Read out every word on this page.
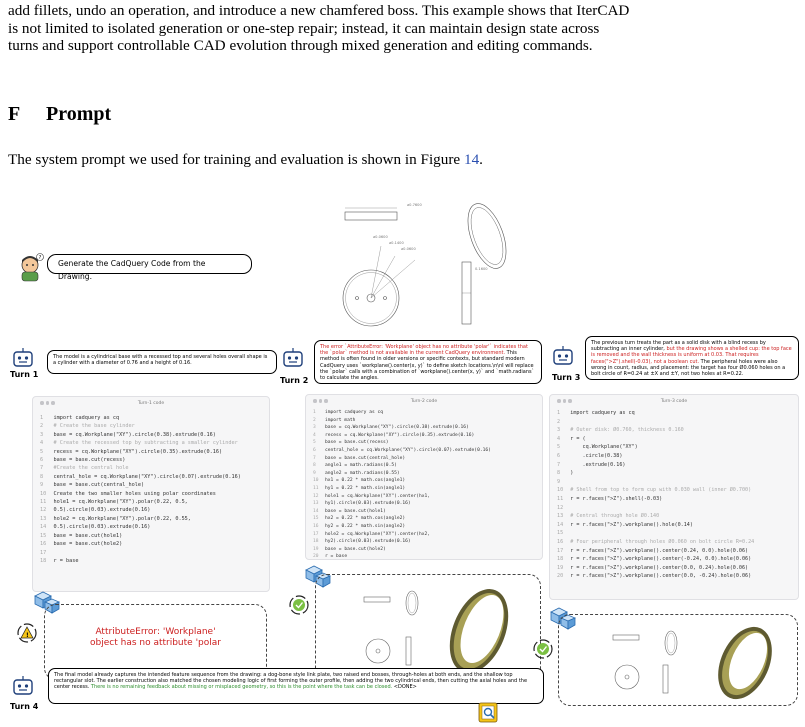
add fillets, undo an operation, and introduce a new chamfered boss. This example shows that IterCAD
is not limited to isolated generation or one-step repair; instead, it can maintain design state across
turns and support controllable CAD evolution through mixed generation and editing commands.
F Prompt
The system prompt we used for training and evaluation is shown in Figure 14.
?
Generate the CadQuery Code from the Drawing.
⌀0.7600
⌀0.1400
⌀0.0600
⌀0.0600
0.1600
Turn 1
The model is a cylindrical base with a recessed top and several holes overall shape is a cylinder with a diameter of 0.76 and a height of 0.16.
Turn 2
The error `AttributeError: 'Workplane' object has no attribute 'polar'` indicates that the `polar` method is not available in the current CadQuery environment. This method is often found in older versions or specific contexts, but standard modern CadQuery uses `workplane().center(x, y)` to define sketch locations.\n\nI will replace the `polar` calls with a combination of `workplane().center(x, y)` and `math.radians` to calculate the angles.	Turn 3
The previous turn treats the part as a solid disk with a blind recess by subtracting an inner cylinder, but the drawing shows a shelled cup: the top face is removed and the wall thickness is uniform at 0.03. That requires faces(">Z").shell(-0.03), not a boolean cut. The peripheral holes were also wrong in count, radius, and placement: the target has four Ø0.060 holes on a bolt circle of R=0.24 at ±X and ±Y, not two holes at R=0.22.
Turn-1 code
1 import cadquery as cq
2 # Create the base cylinder
3 base = cq.Workplane("XY").circle(0.38).extrude(0.16)
4 # Create the recessed top by subtracting a smaller cylinder
5 recess = cq.Workplane("XY").circle(0.35).extrude(0.16)
6 base = base.cut(recess)
7 #Create the central hole
8 central_hole = cq.Workplane("XY").circle(0.07).extrude(0.16)
9 base = base.cut(central_hole)
10 Create the two smaller holes using polar coordinates
11 hole1 = cq.Workplane("XY").polar(0.22, 0.5,
12 0.5).circle(0.03).extrude(0.16)
13 hole2 = cq.Workplane("XY").polar(0.22, 0.55,
14 0.5).circle(0.03).extrude(0.16)
15 base = base.cut(hole1)
16 base = base.cut(hole2)
17
18 r = base
Turn-2 code
1 import cadquery as cq
2 import math
3 base = cq.Workplane("XY").circle(0.38).extrude(0.16)
4 recess = cq.Workplane("XY").circle(0.35).extrude(0.16)
5 base = base.cut(recess)
6 central_hole = cq.Workplane("XY").circle(0.07).extrude(0.16)
7 base = base.cut(central_hole)
8 angle1 = math.radians(0.5)
9 angle2 = math.radians(0.55)
10 hx1 = 0.22 * math.cos(angle1)
11 hy1 = 0.22 * math.sin(angle1)
12 hole1 = cq.Workplane("XY").center(hx1,
13 hy1).circle(0.03).extrude(0.16)
14 base = base.cut(hole1)
15 hx2 = 0.22 * math.cos(angle2)
16 hy2 = 0.22 * math.sin(angle2)
17 hole2 = cq.Workplane("XY").center(hx2,
18 hy2).circle(0.03).extrude(0.16)
19 base = base.cut(hole2)
20 r = base
Turn-3 code
1 import cadquery as cq
2
3 # Outer disk: Ø0.760, thickness 0.160
4 r = (
5    cq.Workplane("XY")
6    .circle(0.38)
7    .extrude(0.16)
8 )
9
10 # Shell from top to form cup with 0.030 wall (inner Ø0.700)
11 r = r.faces(">Z").shell(-0.03)
12
13 # Central through hole Ø0.140
14 r = r.faces(">Z").workplane().hole(0.14)
15
16 # Four peripheral through holes Ø0.060 on bolt circle R=0.24
17 r = r.faces(">Z").workplane().center(0.24, 0.0).hole(0.06)
18 r = r.faces(">Z").workplane().center(-0.24, 0.0).hole(0.06)
19 r = r.faces(">Z").workplane().center(0.0, 0.24).hole(0.06)
20 r = r.faces(">Z").workplane().center(0.0, -0.24).hole(0.06)
!	AttributeError: 'Workplane'
object has no attribute 'polar
Turn 4
The final model already captures the intended feature sequence from the drawing: a dog-bone style link plate, two raised end bosses, through-holes at both ends, and the shallow top rectangular slot. The earlier construction also matched the chosen modeling logic of first forming the outer profile, then adding the two cylindrical ends, then cutting the axial holes and the center recess. There is no remaining feedback about missing or misplaced geometry, so this is the point where the task can be closed. <DONE>
